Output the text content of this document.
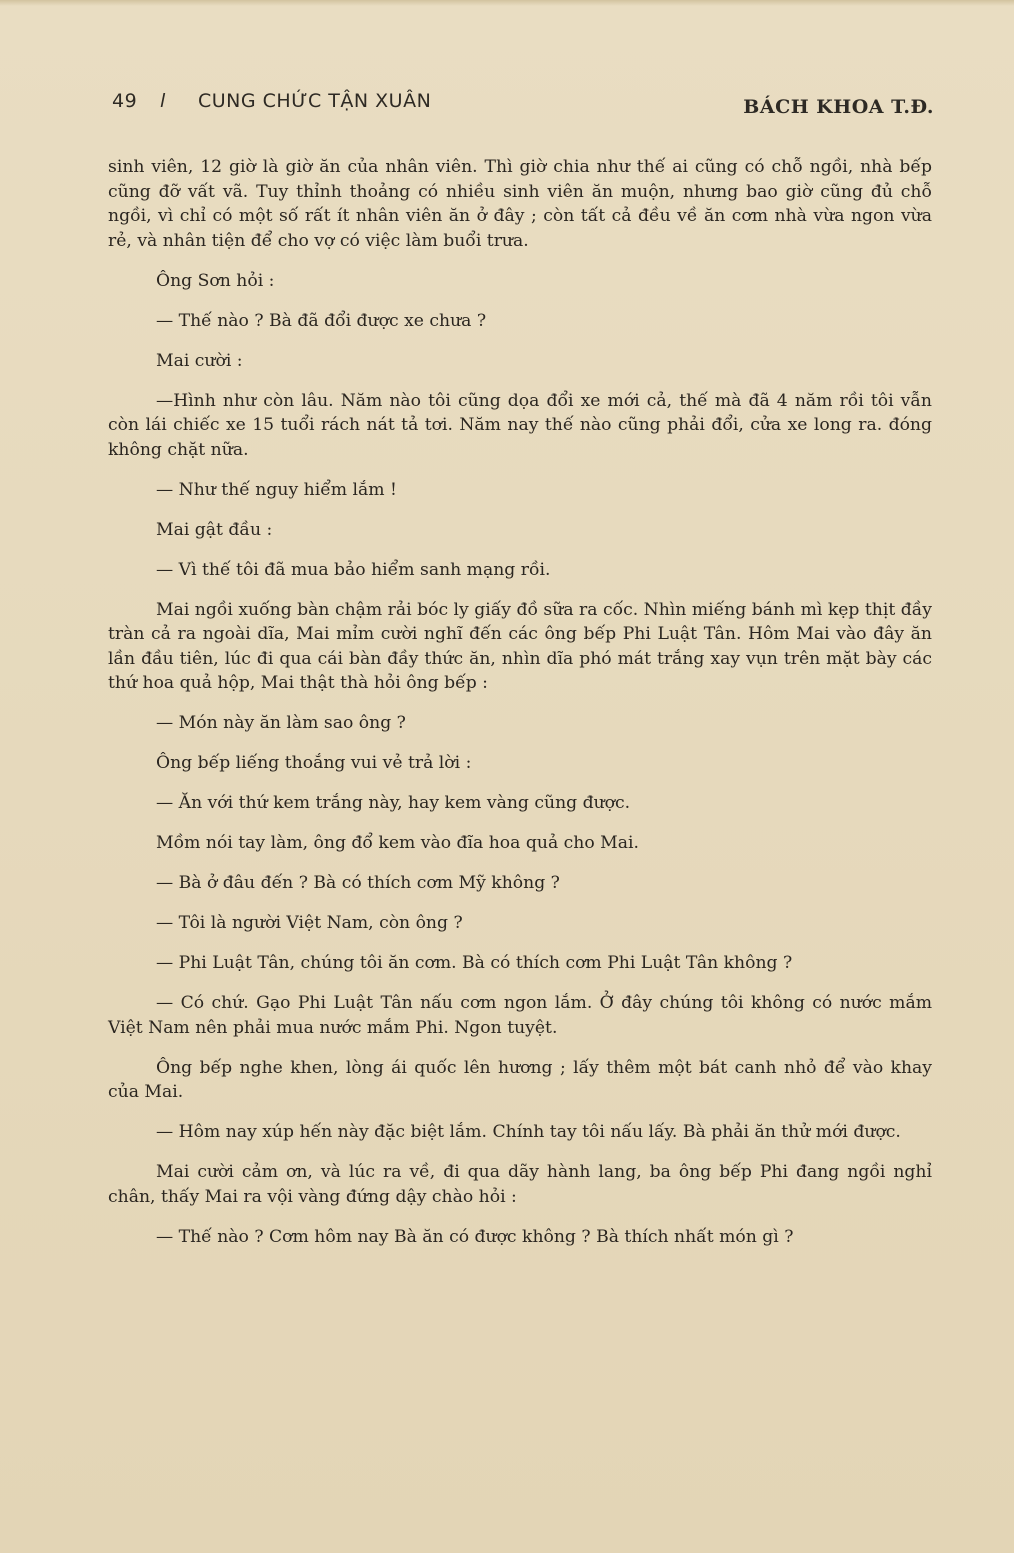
49 l CUNG CHỨC TẬN XUÂN	BÁCH KHOA T.Đ.

sinh viên, 12 giờ là giờ ăn của nhân viên. Thì giờ chia như thế ai cũng có chỗ ngồi, nhà bếp cũng đỡ vất vã. Tuy thỉnh thoảng có nhiều sinh viên ăn muộn, nhưng bao giờ cũng đủ chỗ ngồi, vì chỉ có một số rất ít nhân viên ăn ở đây ; còn tất cả đều về ăn cơm nhà vừa ngon vừa rẻ, và nhân tiện để cho vợ có việc làm buổi trưa.

Ông Sơn hỏi :

— Thế nào ? Bà đã đổi được xe chưa ?

Mai cười :

—Hình như còn lâu. Năm nào tôi cũng dọa đổi xe mới cả, thế mà đã 4 năm rồi tôi vẫn còn lái chiếc xe 15 tuổi rách nát tả tơi. Năm nay thế nào cũng phải đổi, cửa xe long ra. đóng không chặt nữa.

— Như thế nguy hiểm lắm !

Mai gật đầu :

— Vì thế tôi đã mua bảo hiểm sanh mạng rồi.

Mai ngồi xuống bàn chậm rải bóc ly giấy đồ sữa ra cốc. Nhìn miếng bánh mì kẹp thịt đầy tràn cả ra ngoài dĩa, Mai mỉm cười nghĩ đến các ông bếp Phi Luật Tân. Hôm Mai vào đây ăn lần đầu tiên, lúc đi qua cái bàn đầy thức ăn, nhìn dĩa phó mát trắng xay vụn trên mặt bày các thứ hoa quả hộp, Mai thật thà hỏi ông bếp :

— Món này ăn làm sao ông ?

Ông bếp liếng thoắng vui vẻ trả lời :

— Ăn với thứ kem trắng này, hay kem vàng cũng được.

Mồm nói tay làm, ông đổ kem vào đĩa hoa quả cho Mai.

— Bà ở đâu đến ? Bà có thích cơm Mỹ không ?

— Tôi là người Việt Nam, còn ông ?

— Phi Luật Tân, chúng tôi ăn cơm. Bà có thích cơm Phi Luật Tân không ?

— Có chứ. Gạo Phi Luật Tân nấu cơm ngon lắm. Ở đây chúng tôi không có nước mắm Việt Nam nên phải mua nước mắm Phi. Ngon tuyệt.

Ông bếp nghe khen, lòng ái quốc lên hương ; lấy thêm một bát canh nhỏ để vào khay của Mai.

— Hôm nay xúp hến này đặc biệt lắm. Chính tay tôi nấu lấy. Bà phải ăn thử mới được.

Mai cười cảm ơn, và lúc ra về, đi qua dãy hành lang, ba ông bếp Phi đang ngồi nghỉ chân, thấy Mai ra vội vàng đứng dậy chào hỏi :

— Thế nào ? Cơm hôm nay Bà ăn có được không ? Bà thích nhất món gì ?
